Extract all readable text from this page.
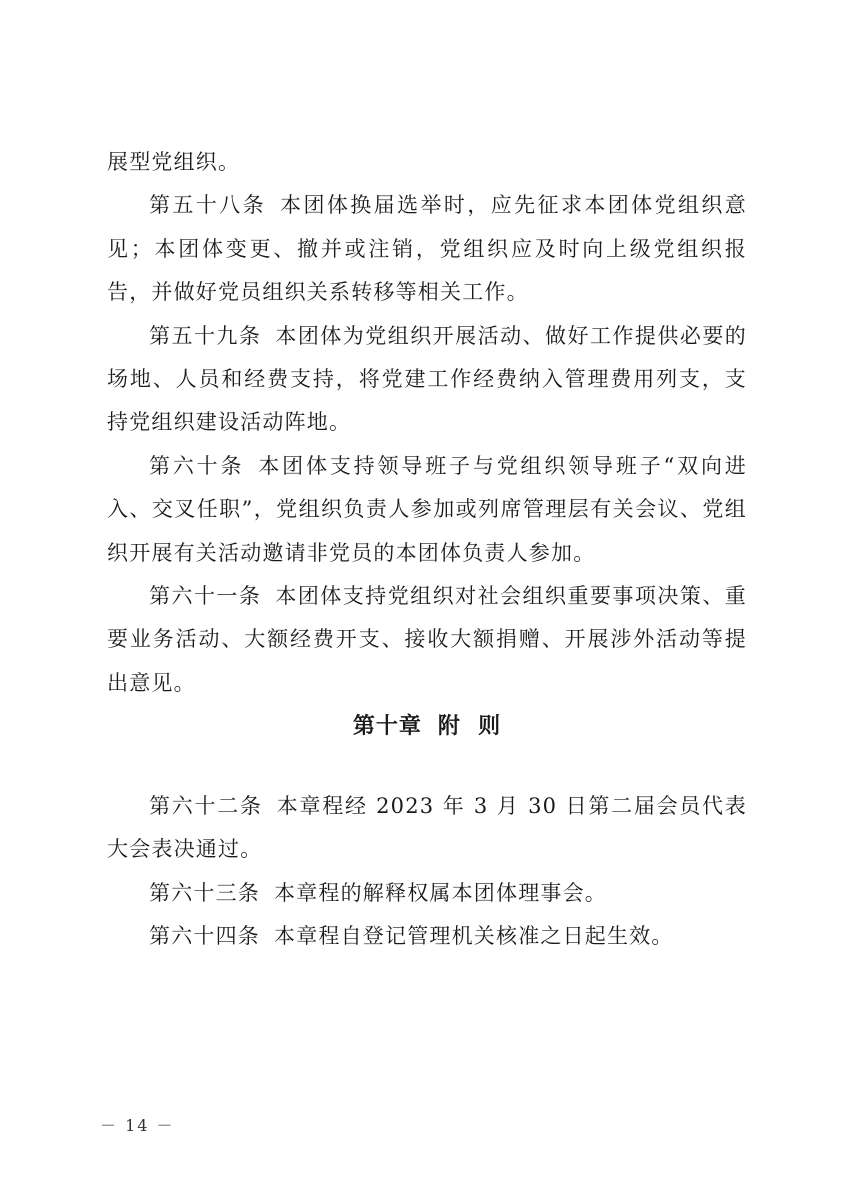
展型党组织。

第五十八条 本团体换届选举时，应先征求本团体党组织意见；本团体变更、撤并或注销，党组织应及时向上级党组织报告，并做好党员组织关系转移等相关工作。

第五十九条 本团体为党组织开展活动、做好工作提供必要的场地、人员和经费支持，将党建工作经费纳入管理费用列支，支持党组织建设活动阵地。

第六十条 本团体支持领导班子与党组织领导班子“双向进入、交叉任职”，党组织负责人参加或列席管理层有关会议、党组织开展有关活动邀请非党员的本团体负责人参加。

第六十一条 本团体支持党组织对社会组织重要事项决策、重要业务活动、大额经费开支、接收大额捐赠、开展涉外活动等提出意见。

第十章 附  则

第六十二条 本章程经 2023 年 3 月 30 日第二届会员代表大会表决通过。

第六十三条 本章程的解释权属本团体理事会。

第六十四条 本章程自登记管理机关核准之日起生效。

－ 14 －
